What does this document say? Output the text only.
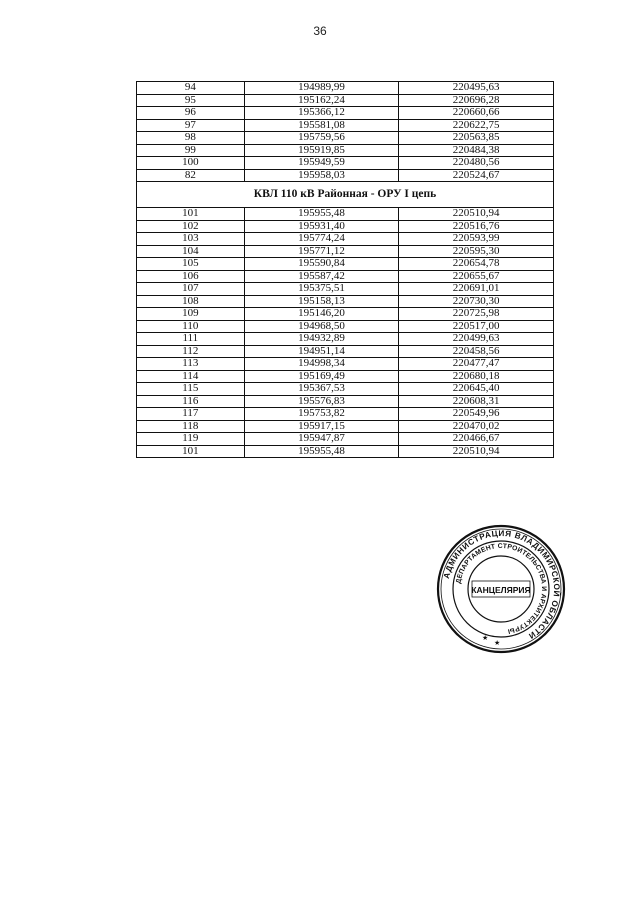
36
94	194989,99	220495,63
95	195162,24	220696,28
96	195366,12	220660,66
97	195581,08	220622,75
98	195759,56	220563,85
99	195919,85	220484,38
100	195949,59	220480,56
82	195958,03	220524,67
КВЛ 110 кВ Районная - ОРУ I цепь		
101	195955,48	220510,94
102	195931,40	220516,76
103	195774,24	220593,99
104	195771,12	220595,30
105	195590,84	220654,78
106	195587,42	220655,67
107	195375,51	220691,01
108	195158,13	220730,30
109	195146,20	220725,98
110	194968,50	220517,00
111	194932,89	220499,63
112	194951,14	220458,56
113	194998,34	220477,47
114	195169,49	220680,18
115	195367,53	220645,40
116	195576,83	220608,31
117	195753,82	220549,96
118	195917,15	220470,02
119	195947,87	220466,67
101	195955,48	220510,94
АДМИНИСТРАЦИЯ ВЛАДИМИРСКОЙ ОБЛАСТИ
ДЕПАРТАМЕНТ СТРОИТЕЛЬСТВА И АРХИТЕКТУРЫ
КАНЦЕЛЯРИЯ
★
★
